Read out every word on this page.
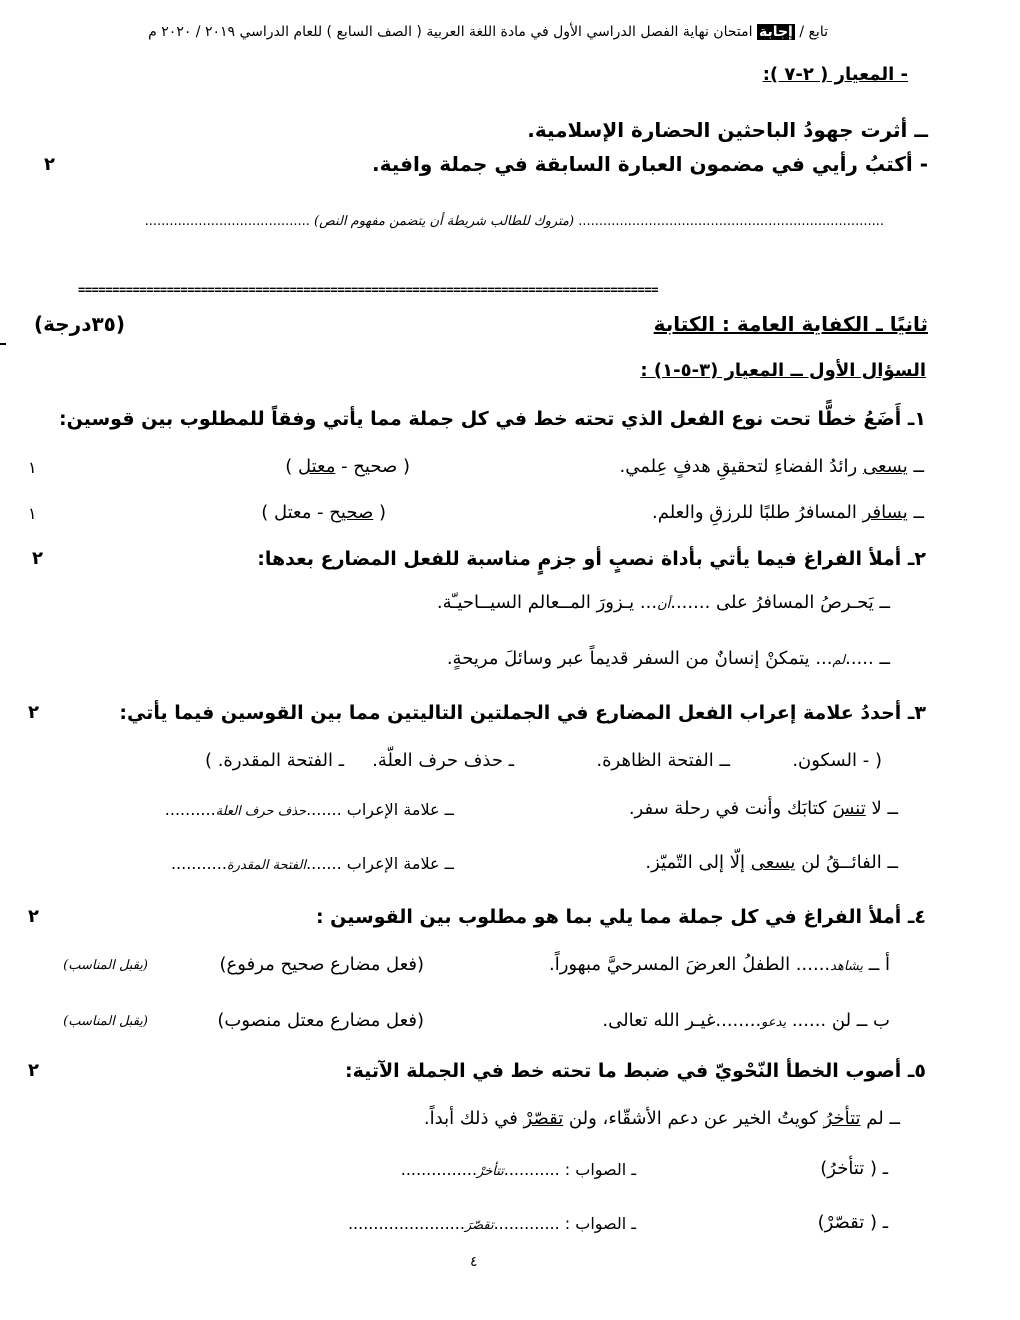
تابع / إجابة امتحان نهاية الفصل الدراسي الأول في مادة اللغة العربية ( الصف السابع ) للعام الدراسي ٢٠١٩ / ٢٠٢٠ م
- المعيار ( ٢-٧ ):
ــ أثرت جهودُ الباحثين الحضارة الإسلامية.
- أكتبُ رأيي في مضمون العبارة السابقة في جملة وافية.
٢
.......................................................................... (متروك للطالب شريطة أن يتضمن مفهوم النص) ........................................
=====================================================================================
ثانيًا ـ الكفاية العامة : الكتابة
(٣٥درجة)
السؤال الأول ــ المعيار (٣-٥-١) :
١ـ أَضَعُ خطًّا تحت نوع الفعل الذي تحته خط في كل جملة مما يأتي وفقاً للمطلوب بين قوسين:
ــ يسعى رائدُ الفضاءِ لتحقيقِ هدفٍ عِلمي.
( صحيح - معتل )
١
ــ يسافر المسافرُ طلبًا للرزقِ والعلم.
( صحيح - معتل )
١
٢ـ أملأ الفراغ فيما يأتي بأداة نصبٍ أو جزمٍ مناسبة للفعل المضارع بعدها:
٢
ــ يَحـرصُ المسافرُ على .......أن... يـزورَ المــعالم السيــاحيـّة.
ــ .....لم... يتمكنْ إنسانٌ من السفر قديماً عبر وسائلَ مريحةٍ.
٣ـ أحددُ علامة إعراب الفعل المضارع في الجملتين التاليتين مما بين القوسين فيما يأتي:
٢
( - السكون.
ــ الفتحة الظاهرة.
ـ حذف حرف العلّة.
ـ الفتحة المقدرة. )
ــ لا تنسَ كتابَك وأنت في رحلة سفر.
ــ علامة الإعراب .......حذف حرف العلة..........
ــ الفائــقُ لن يسعى إلّا إلى التّميّز.
ــ علامة الإعراب .......الفتحة المقدرة...........
٤ـ أملأ الفراغ في كل جملة مما يلي بما هو مطلوب بين القوسين :
٢
أ ــ يشاهد...... الطفلُ العرضَ المسرحيَّ مبهوراً.
(فعل مضارع صحيح مرفوع)
(يقبل المناسب)
ب ــ لن ...... يدعو........غيـر الله تعالى.
(فعل مضارع معتل منصوب)
(يقبل المناسب)
٥ـ أصوب الخطأ النّحْويّ في ضبط ما تحته خط في الجملة الآتية:
٢
ــ لم تتأخرُ كويتُ الخير عن دعم الأشقّاء، ولن تقصّرْ في ذلك أبداً.
ـ ( تتأخرُ)
ـ الصواب : ...........تتأخرْ...............
ـ ( تقصّرْ)
ـ الصواب : .............تقصّرَ.......................
٤
